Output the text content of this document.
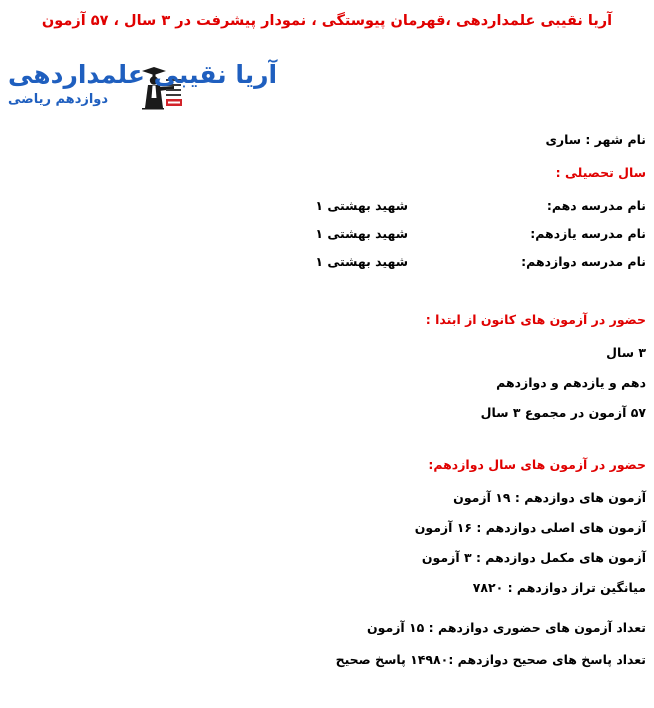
آریا نقیبی علمداردهی ،قهرمان پیوستگی ، نمودار پیشرفت در ۳ سال ، ۵۷ آزمون
آریا نقیبی علمداردهی دوازدهم ریاضی
نام شهر : ساری
سال تحصیلی :
نام مدرسه دهم:
شهید بهشتی ۱
نام مدرسه یازدهم:
شهید بهشتی ۱
نام مدرسه دوازدهم:
شهید بهشتی ۱
حضور در آزمون های کانون از ابتدا :
۳ سال
دهم و یازدهم و دوازدهم
۵۷ آزمون در مجموع ۳ سال
حضور در آزمون های سال دوازدهم:
آزمون های دوازدهم : ۱۹ آزمون
آزمون های اصلی دوازدهم : ۱۶ آزمون
آزمون های مکمل دوازدهم : ۳ آزمون
میانگین تراز دوازدهم : ۷۸۲۰
تعداد آزمون های حضوری دوازدهم : ۱۵ آزمون
تعداد پاسخ های صحیح دوازدهم :۱۴۹۸۰ پاسخ صحیح
